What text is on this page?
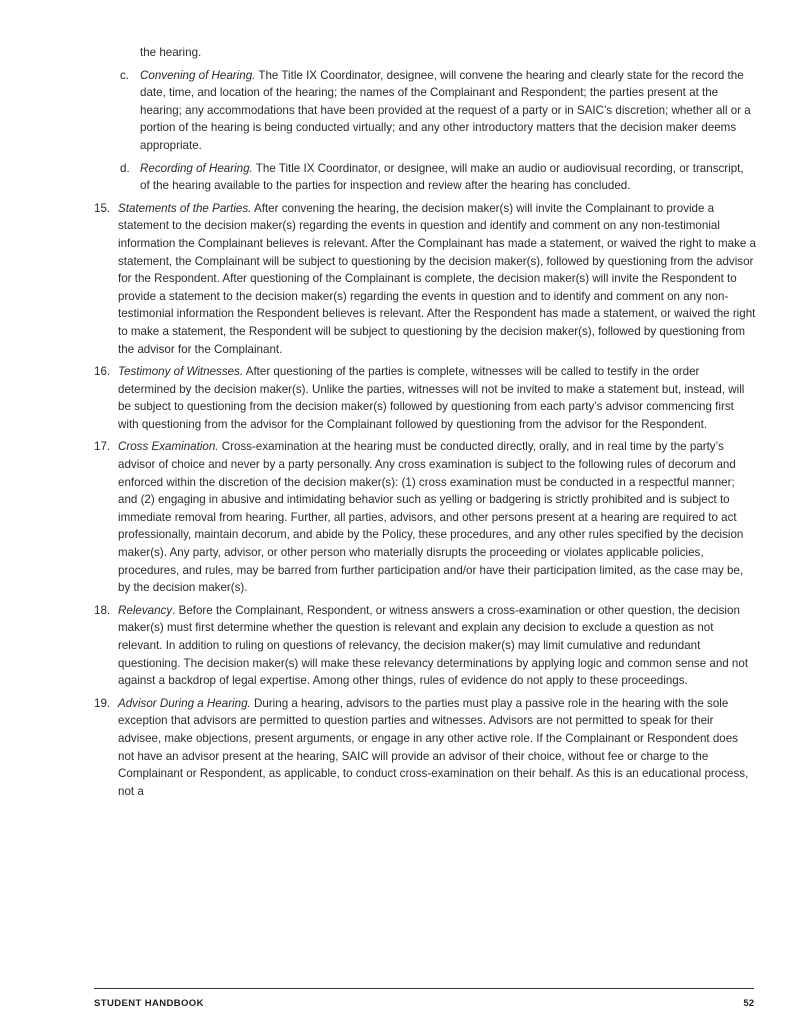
the hearing.

c. Convening of Hearing. The Title IX Coordinator, designee, will convene the hearing and clearly state for the record the date, time, and location of the hearing; the names of the Complainant and Respondent; the parties present at the hearing; any accommodations that have been provided at the request of a party or in SAIC’s discretion; whether all or a portion of the hearing is being conducted virtually; and any other introductory matters that the decision maker deems appropriate.
d. Recording of Hearing. The Title IX Coordinator, or designee, will make an audio or audiovisual recording, or transcript, of the hearing available to the parties for inspection and review after the hearing has concluded.
15. Statements of the Parties. After convening the hearing, the decision maker(s) will invite the Complainant to provide a statement to the decision maker(s) regarding the events in question and identify and comment on any non-testimonial information the Complainant believes is relevant. After the Complainant has made a statement, or waived the right to make a statement, the Complainant will be subject to questioning by the decision maker(s), followed by questioning from the advisor for the Respondent. After questioning of the Complainant is complete, the decision maker(s) will invite the Respondent to provide a statement to the decision maker(s) regarding the events in question and to identify and comment on any non-testimonial information the Respondent believes is relevant. After the Respondent has made a statement, or waived the right to make a statement, the Respondent will be subject to questioning by the decision maker(s), followed by questioning from the advisor for the Complainant.
16. Testimony of Witnesses. After questioning of the parties is complete, witnesses will be called to testify in the order determined by the decision maker(s). Unlike the parties, witnesses will not be invited to make a statement but, instead, will be subject to questioning from the decision maker(s) followed by questioning from each party’s advisor commencing first with questioning from the advisor for the Complainant followed by questioning from the advisor for the Respondent.
17. Cross Examination. Cross-examination at the hearing must be conducted directly, orally, and in real time by the party’s advisor of choice and never by a party personally. Any cross examination is subject to the following rules of decorum and enforced within the discretion of the decision maker(s): (1) cross examination must be conducted in a respectful manner; and (2) engaging in abusive and intimidating behavior such as yelling or badgering is strictly prohibited and is subject to immediate removal from hearing. Further, all parties, advisors, and other persons present at a hearing are required to act professionally, maintain decorum, and abide by the Policy, these procedures, and any other rules specified by the decision maker(s). Any party, advisor, or other person who materially disrupts the proceeding or violates applicable policies, procedures, and rules, may be barred from further participation and/or have their participation limited, as the case may be, by the decision maker(s).
18. Relevancy. Before the Complainant, Respondent, or witness answers a cross-examination or other question, the decision maker(s) must first determine whether the question is relevant and explain any decision to exclude a question as not relevant. In addition to ruling on questions of relevancy, the decision maker(s) may limit cumulative and redundant questioning. The decision maker(s) will make these relevancy determinations by applying logic and common sense and not against a backdrop of legal expertise. Among other things, rules of evidence do not apply to these proceedings.
19. Advisor During a Hearing. During a hearing, advisors to the parties must play a passive role in the hearing with the sole exception that advisors are permitted to question parties and witnesses. Advisors are not permitted to speak for their advisee, make objections, present arguments, or engage in any other active role. If the Complainant or Respondent does not have an advisor present at the hearing, SAIC will provide an advisor of their choice, without fee or charge to the Complainant or Respondent, as applicable, to conduct cross-examination on their behalf. As this is an educational process, not a
STUDENT HANDBOOK	52
